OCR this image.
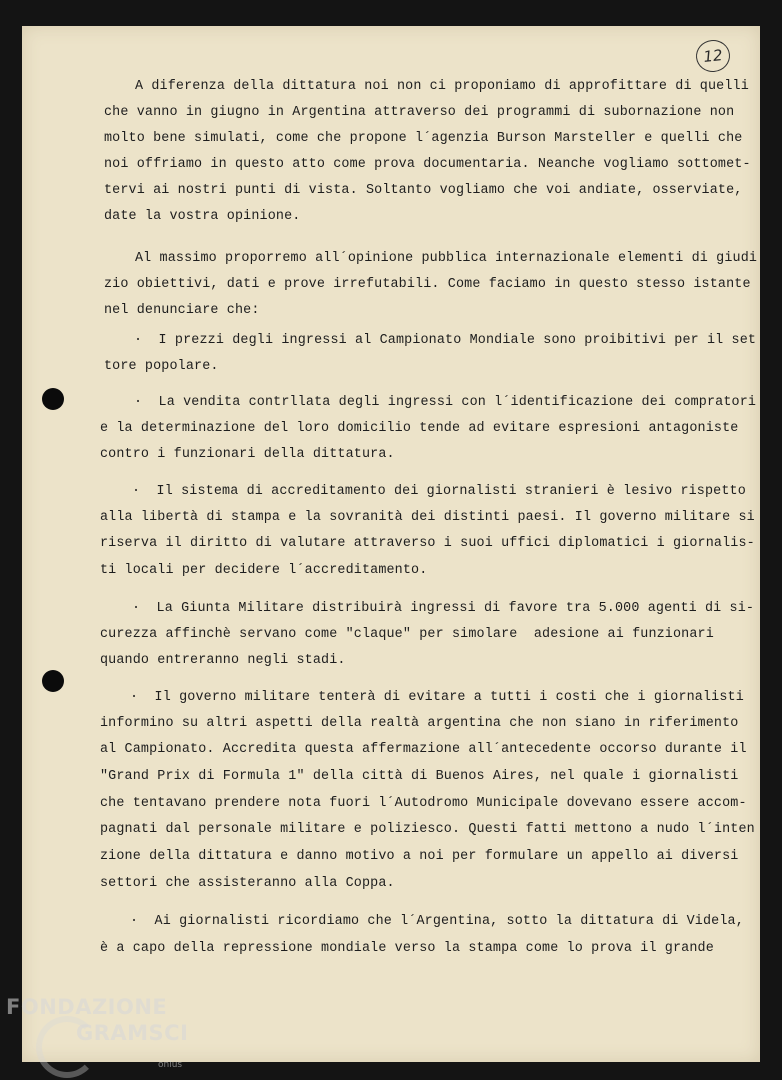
12
A diferenza della dittatura noi non ci proponiamo di approfittare di quelli
che vanno in giugno in Argentina attraverso dei programmi di subornazione non
molto bene simulati, come che propone l´agenzia Burson Marsteller e quelli che
noi offriamo in questo atto come prova documentaria. Neanche vogliamo sottomet-
tervi ai nostri punti di vista. Soltanto vogliamo che voi andiate, osserviate,
date la vostra opinione.
Al massimo proporremo all´opinione pubblica internazionale elementi di giudi
zio obiettivi, dati e prove irrefutabili. Come faciamo in questo stesso istante
nel denunciare che:
·  I prezzi degli ingressi al Campionato Mondiale sono proibitivi per il set
tore popolare.
·  La vendita contrllata degli ingressi con l´identificazione dei compratori
e la determinazione del loro domicilio tende ad evitare espresioni antagoniste
contro i funzionari della dittatura.
·  Il sistema di accreditamento dei giornalisti stranieri è lesivo rispetto
alla libertà di stampa e la sovranità dei distinti paesi. Il governo militare si
riserva il diritto di valutare attraverso i suoi uffici diplomatici i giornalis-
ti locali per decidere l´accreditamento.
·  La Giunta Militare distribuirà ingressi di favore tra 5.000 agenti di si-
curezza affinchè servano come "claque" per simolare  adesione ai funzionari
quando entreranno negli stadi.
·  Il governo militare tenterà di evitare a tutti i costi che i giornalisti
informino su altri aspetti della realtà argentina che non siano in riferimento
al Campionato. Accredita questa affermazione all´antecedente occorso durante il
"Grand Prix di Formula 1" della città di Buenos Aires, nel quale i giornalisti
che tentavano prendere nota fuori l´Autodromo Municipale dovevano essere accom-
pagnati dal personale militare e poliziesco. Questi fatti mettono a nudo l´inten
zione della dittatura e danno motivo a noi per formulare un appello ai diversi
settori che assisteranno alla Coppa.
·  Ai giornalisti ricordiamo che l´Argentina, sotto la dittatura di Videla,
è a capo della repressione mondiale verso la stampa come lo prova il grande
FONDAZIONE
GRAMSCI
onlus
